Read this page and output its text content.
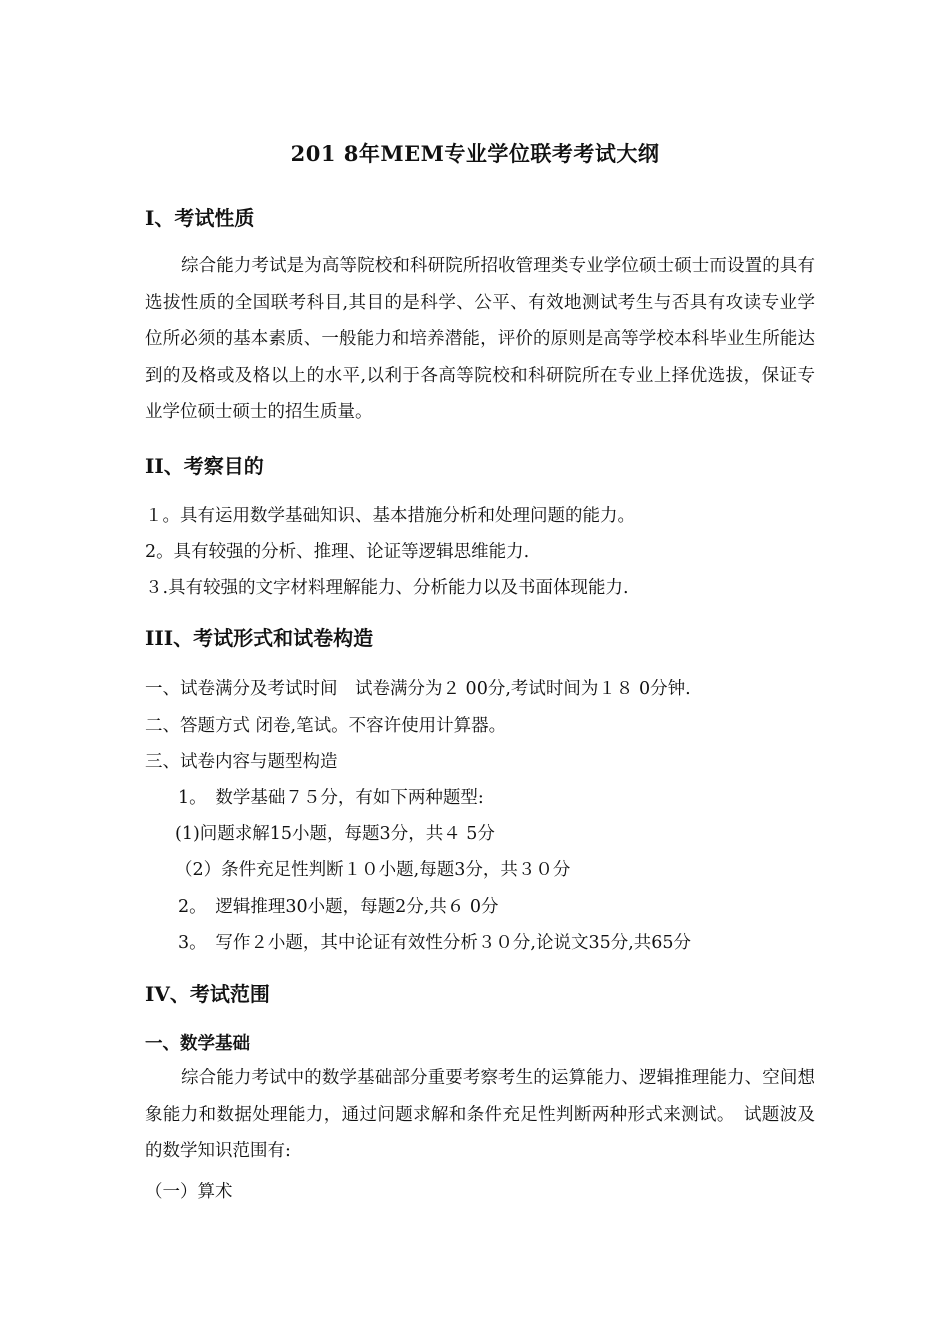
201 8年MEM专业学位联考考试大纲
I、考试性质
综合能力考试是为高等院校和科研院所招收管理类专业学位硕士硕士而设置的具有选拔性质的全国联考科目,其目的是科学、公平、有效地测试考生与否具有攻读专业学位所必须的基本素质、一般能力和培养潜能，评价的原则是高等学校本科毕业生所能达到的及格或及格以上的水平,以利于各高等院校和科研院所在专业上择优选拔，保证专业学位硕士硕士的招生质量。
II、考察目的
１。具有运用数学基础知识、基本措施分析和处理问题的能力。
2。具有较强的分析、推理、论证等逻辑思维能力.
３.具有较强的文字材料理解能力、分析能力以及书面体现能力.
III、考试形式和试卷构造
一、试卷满分及考试时间　试卷满分为２ 00分,考试时间为１８ 0分钟.
二、答题方式 闭卷,笔试。不容许使用计算器。
三、试卷内容与题型构造
1。　数学基础７５分，有如下两种题型:
(1)问题求解15小题，每题3分，共４ 5分
（2）条件充足性判断１０小题,每题3分，共３０分
2。　逻辑推理30小题，每题2分,共６ 0分
3。　写作２小题，其中论证有效性分析３０分,论说文35分,共65分
IV、考试范围
一、数学基础
综合能力考试中的数学基础部分重要考察考生的运算能力、逻辑推理能力、空间想象能力和数据处理能力，通过问题求解和条件充足性判断两种形式来测试。　试题波及的数学知识范围有:
（一）算术
